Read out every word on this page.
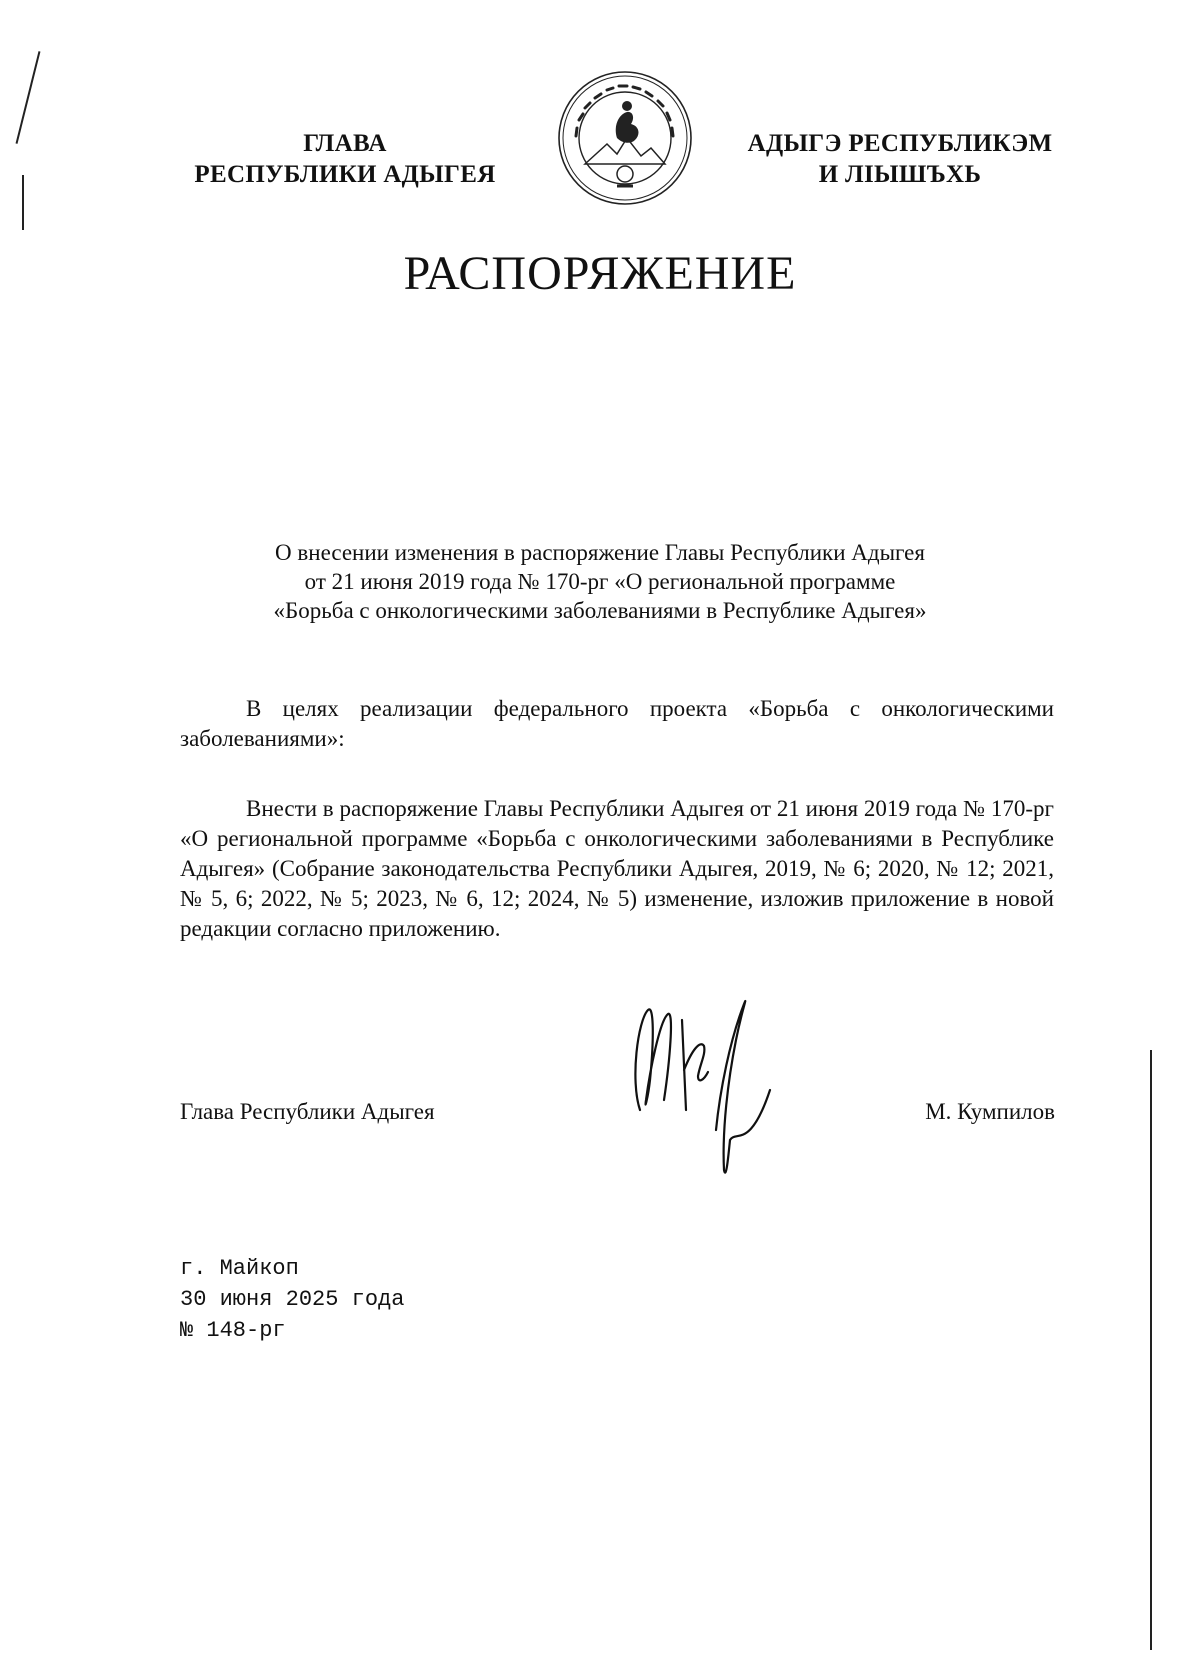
ГЛАВА
РЕСПУБЛИКИ АДЫГЕЯ
АДЫГЭ РЕСПУБЛИКЭМ
И ЛІЫШЪХЬ
РАСПОРЯЖЕНИЕ
О внесении изменения в распоряжение Главы Республики Адыгея
от 21 июня 2019 года № 170-рг «О региональной программе
«Борьба с онкологическими заболеваниями в Республике Адыгея»
В целях реализации федерального проекта «Борьба с онкологическими заболеваниями»:
Внести в распоряжение Главы Республики Адыгея от 21 июня 2019 года № 170-рг «О региональной программе «Борьба с онкологическими заболеваниями в Республике Адыгея» (Собрание законодательства Республики Адыгея, 2019, № 6; 2020, № 12; 2021, № 5, 6; 2022, № 5; 2023, № 6, 12; 2024, № 5) изменение, изложив приложение в новой редакции согласно приложению.
Глава Республики Адыгея	М. Кумпилов
г. Майкоп
30 июня 2025 года
№ 148-рг
